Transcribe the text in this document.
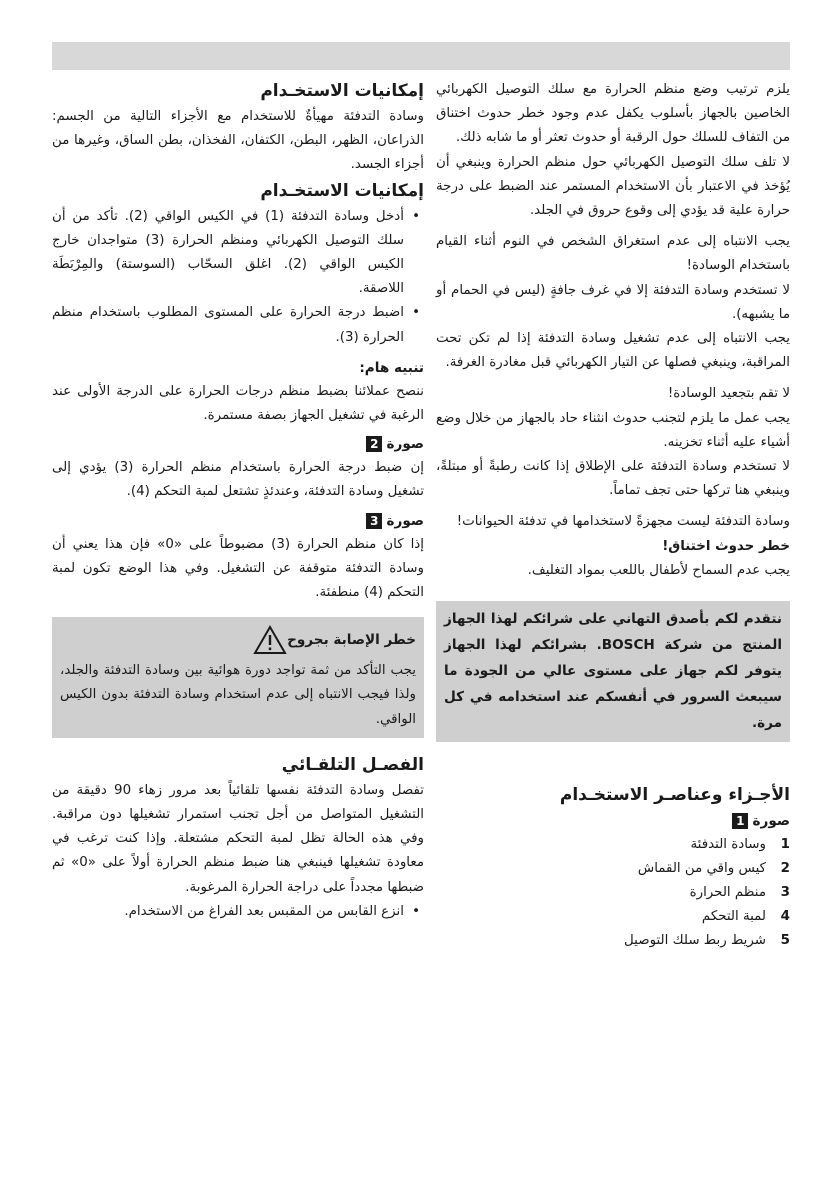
يلزم ترتيب وضع منظم الحرارة مع سلك التوصيل الكهربائي الخاصين بالجهاز بأسلوب يكفل عدم وجود خطر حدوث اختناق من التفاف للسلك حول الرقبة أو حدوث تعثر أو ما شابه ذلك.

لا تلف سلك التوصيل الكهربائي حول منظم الحرارة وينبغي أن يُؤخذ في الاعتبار بأن الاستخدام المستمر عند الضبط على درجة حرارة علية قد يؤدي إلى وقوع حروق في الجلد.

يجب الانتباه إلى عدم استغراق الشخص في النوم أثناء القيام باستخدام الوسادة!

لا تستخدم وسادة التدفئة إلا في غرف جافةٍ (ليس في الحمام أو ما يشبهه).

يجب الانتباه إلى عدم تشغيل وسادة التدفئة إذا لم تكن تحت المراقبة، وينبغي فصلها عن التيار الكهربائي قبل مغادرة الغرفة.

لا تقم بتجعيد الوسادة!

يجب عمل ما يلزم لتجنب حدوث انثناء حاد بالجهاز من خلال وضع أشياء عليه أثناء تخزينه.

لا تستخدم وسادة التدفئة على الإطلاق إذا كانت رطبةً أو مبتلةً، وينبغي هنا تركها حتى تجف تماماً.

وسادة التدفئة ليست مجهزةً لاستخدامها في تدفئة الحيوانات!

خطر حدوث اختناق!

يجب عدم السماح لأطفال باللعب بمواد التغليف.

نتقدم لكم بأصدق التهاني على شرائكم لهذا الجهاز المنتج من شركة BOSCH. بشرائكم لهذا الجهاز يتوفر لكم جهاز على مستوى عالي من الجودة ما سيبعث السرور في أنفسكم عند استخدامه في كل مرة.
الأجـزاء وعناصـر الاستخـدام
صورة1
1وسادة التدفئة
2كيس واقي من القماش
3منظم الحرارة
4لمبة التحكم
5شريط ربط سلك التوصيل
إمكانيات الاستخـدام

وسادة التدفئة مهيأةٌ للاستخدام مع الأجزاء التالية من الجسم: الذراعان، الظهر، البطن، الكتفان، الفخذان، بطن الساق، وغيرها من أجزاء الجسد.

إمكانيات الاستخـدام
•
أدخل وسادة التدفئة (1) في الكيس الواقي (2). تأكد من أن سلك التوصيل الكهربائي ومنظم الحرارة (3) متواجدان خارج الكيس الواقي (2). اغلق السحّاب (السوستة) والمِرْبَطَة اللاصقة.
•
اضبط درجة الحرارة على المستوى المطلوب باستخدام منظم الحرارة (3).
تنبيه هام:

ننصح عملائنا بضبط منظم درجات الحرارة على الدرجة الأولى عند الرغبة في تشغيل الجهاز بصفة مستمرة.

صورة2

إن ضبط درجة الحرارة باستخدام منظم الحرارة (3) يؤدي إلى تشغيل وسادة التدفئة، وعندئذٍ تشتعل لمبة التحكم (4).

صورة3

إذا كان منظم الحرارة (3) مضبوطاً على «0» فإن هذا يعني أن وسادة التدفئة متوقفة عن التشغيل. وفي هذا الوضع تكون لمبة التحكم (4) منطفئة.

خطر الإصابة بجروح

يجب التأكد من ثمة تواجد دورة هوائية بين وسادة التدفئة والجلد، ولذا فيجب الانتباه إلى عدم استخدام وسادة التدفئة بدون الكيس الواقي.

الفصـل التلقـائي

تفصل وسادة التدفئة نفسها تلقائياً بعد مرور زهاء 90 دقيقة من التشغيل المتواصل من أجل تجنب استمرار تشغيلها دون مراقبة. وفي هذه الحالة تظل لمبة التحكم مشتعلة. وإذا كنت ترغب في معاودة تشغيلها فينبغي هنا ضبط منظم الحرارة أولاً على «0» ثم ضبطها مجدداً على دراجة الحرارة المرغوبة.

•
انزع القابس من المقبس بعد الفراغ من الاستخدام.
